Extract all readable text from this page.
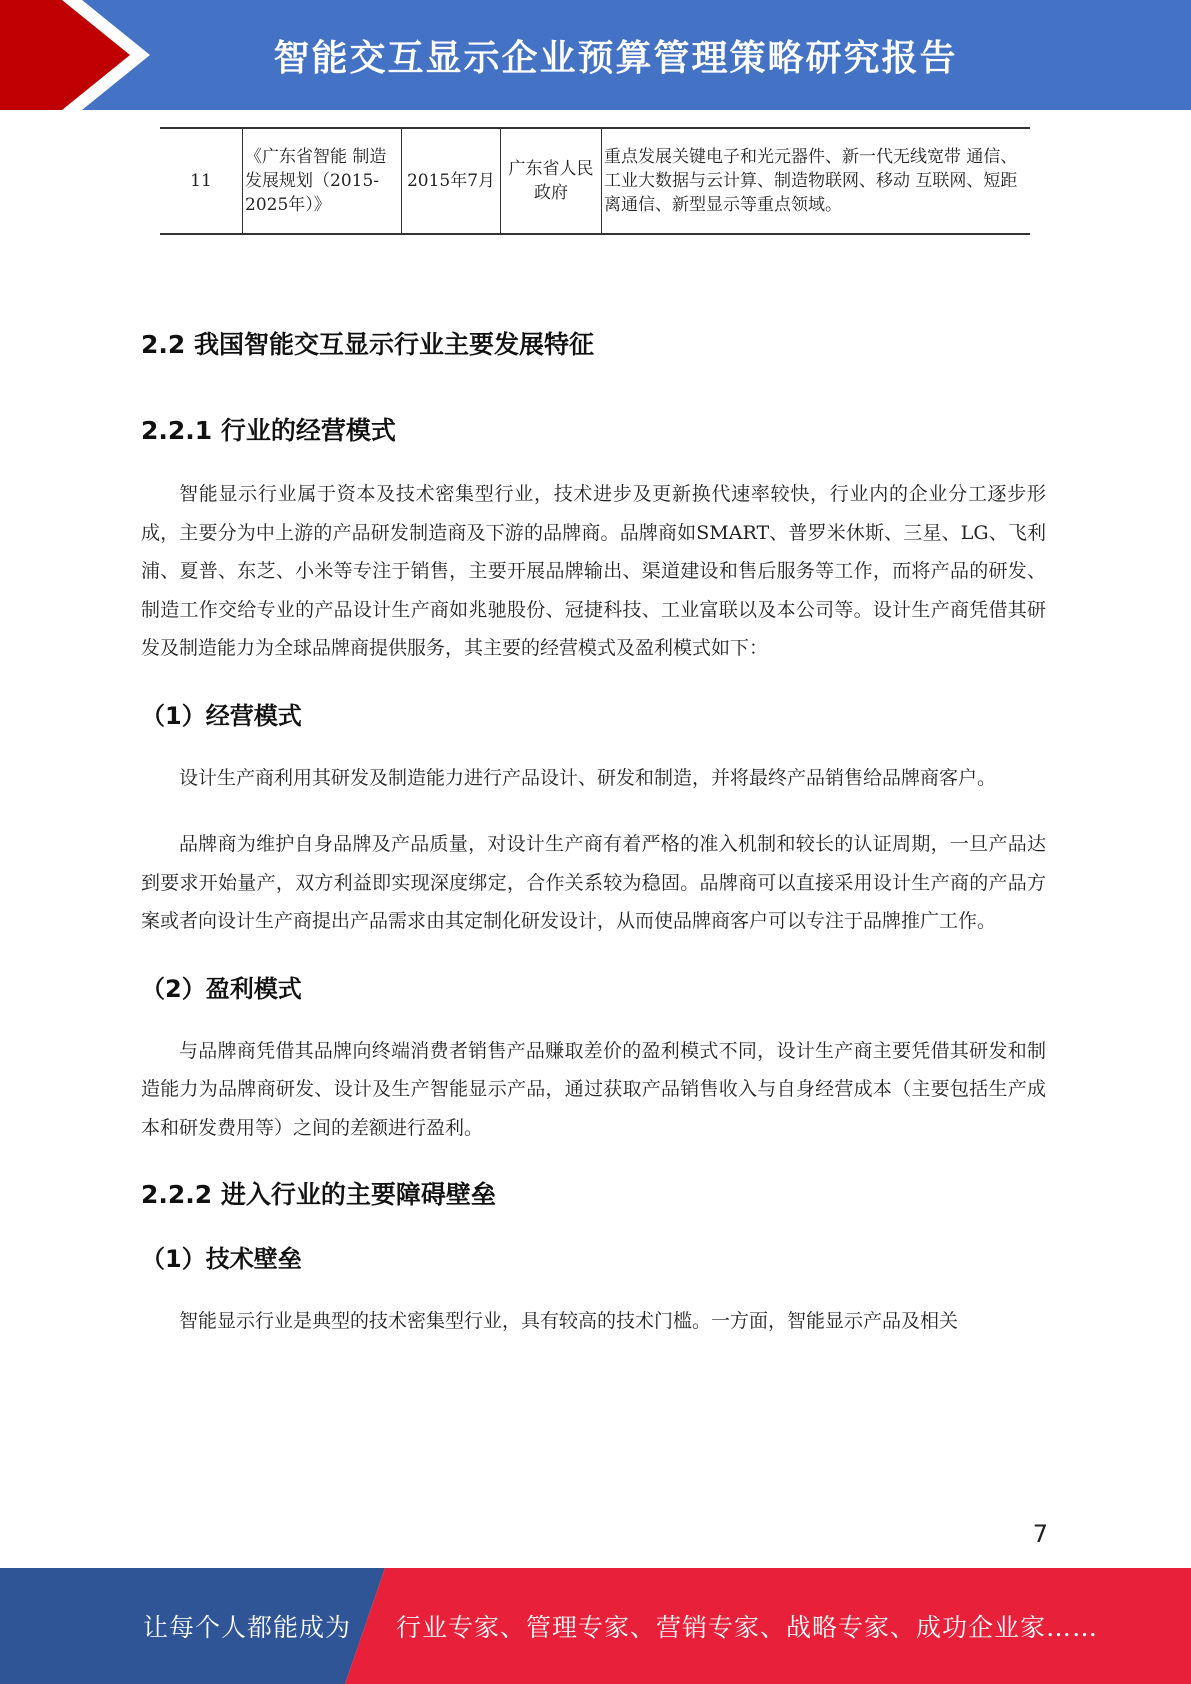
智能交互显示企业预算管理策略研究报告
11	《广东省智能 制造发展规划（2015-2025年）》	2015年7月	广东省人民政府	重点发展关键电子和光元器件、新一代无线宽带 通信、工业大数据与云计算、制造物联网、移动 互联网、短距离通信、新型显示等重点领域。
2.2 我国智能交互显示行业主要发展特征
2.2.1 行业的经营模式

智能显示行业属于资本及技术密集型行业，技术进步及更新换代速率较快，行业内的企业分工逐步形成，主要分为中上游的产品研发制造商及下游的品牌商。品牌商如SMART、普罗米休斯、三星、LG、飞利浦、夏普、东芝、小米等专注于销售，主要开展品牌输出、渠道建设和售后服务等工作，而将产品的研发、制造工作交给专业的产品设计生产商如兆驰股份、冠捷科技、工业富联以及本公司等。设计生产商凭借其研发及制造能力为全球品牌商提供服务，其主要的经营模式及盈利模式如下：

（1）经营模式

设计生产商利用其研发及制造能力进行产品设计、研发和制造，并将最终产品销售给品牌商客户。

品牌商为维护自身品牌及产品质量，对设计生产商有着严格的准入机制和较长的认证周期，一旦产品达到要求开始量产，双方利益即实现深度绑定，合作关系较为稳固。品牌商可以直接采用设计生产商的产品方案或者向设计生产商提出产品需求由其定制化研发设计，从而使品牌商客户可以专注于品牌推广工作。

（2）盈利模式

与品牌商凭借其品牌向终端消费者销售产品赚取差价的盈利模式不同，设计生产商主要凭借其研发和制造能力为品牌商研发、设计及生产智能显示产品，通过获取产品销售收入与自身经营成本（主要包括生产成本和研发费用等）之间的差额进行盈利。

2.2.2 进入行业的主要障碍壁垒
（1）技术壁垒

智能显示行业是典型的技术密集型行业，具有较高的技术门槛。一方面，智能显示产品及相关

7
让每个人都能成为 行业专家、管理专家、营销专家、战略专家、成功企业家……
